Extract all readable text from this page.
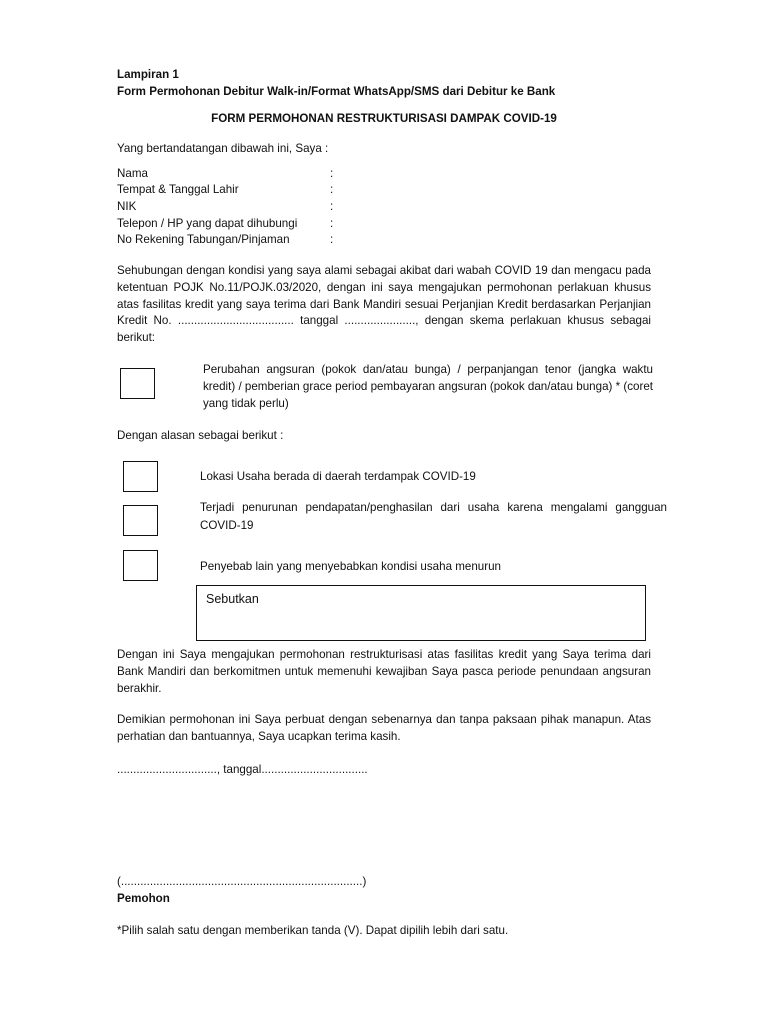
Lampiran 1
Form Permohonan Debitur Walk-in/Format WhatsApp/SMS dari Debitur ke Bank
FORM PERMOHONAN RESTRUKTURISASI DAMPAK COVID-19
Yang bertandatangan dibawah ini, Saya :
Nama	:
Tempat & Tanggal Lahir	:
NIK	:
Telepon / HP yang dapat dihubungi	:
No Rekening Tabungan/Pinjaman	:
Sehubungan dengan kondisi yang saya alami sebagai akibat dari wabah COVID 19 dan mengacu pada ketentuan POJK No.11/POJK.03/2020, dengan ini saya mengajukan permohonan perlakuan khusus atas fasilitas kredit yang saya terima dari Bank Mandiri sesuai Perjanjian Kredit berdasarkan Perjanjian Kredit No. .................................... tanggal ......................, dengan skema perlakuan khusus sebagai berikut:
Perubahan angsuran (pokok dan/atau bunga) / perpanjangan tenor (jangka waktu kredit) / pemberian grace period pembayaran angsuran (pokok dan/atau bunga) * (coret yang tidak perlu)
Dengan alasan sebagai berikut :
Lokasi Usaha berada di daerah terdampak COVID-19
Terjadi penurunan pendapatan/penghasilan dari usaha karena mengalami gangguan COVID-19
Penyebab lain yang menyebabkan kondisi usaha menurun
Sebutkan
Dengan ini Saya mengajukan permohonan restrukturisasi atas fasilitas kredit yang Saya terima dari Bank Mandiri dan berkomitmen untuk memenuhi kewajiban Saya pasca periode penundaan angsuran berakhir.
Demikian permohonan ini Saya perbuat dengan sebenarnya dan tanpa paksaan pihak manapun. Atas perhatian dan bantuannya, Saya ucapkan terima kasih.
..............................., tanggal.................................
(...........................................................................)
Pemohon
*Pilih salah satu dengan memberikan tanda (V). Dapat dipilih lebih dari satu.
